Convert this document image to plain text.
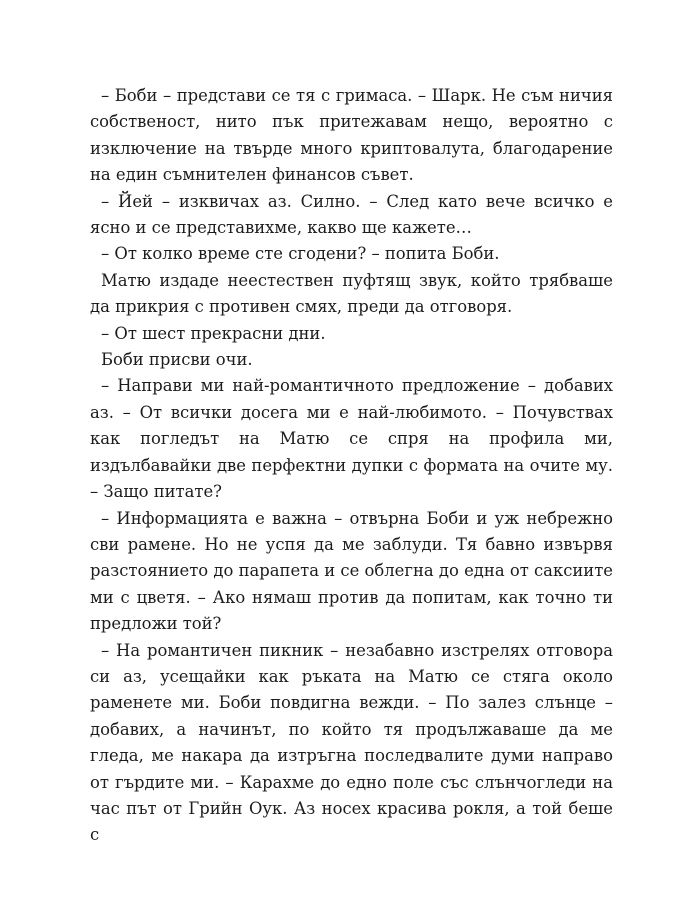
– Боби – представи се тя с гримаса. – Шарк. Не съм ничия собственост, нито пък притежавам нещо, вероятно с изключение на твърде много криптовалута, благодарение на един съмнителен финансов съвет.

– Йей – изквичах аз. Силно. – След като вече всичко е ясно и се представихме, какво ще кажете…

– От колко време сте сгодени? – попита Боби.

Матю издаде неестествен пуфтящ звук, който трябваше да прикрия с противен смях, преди да отговоря.

– От шест прекрасни дни.

Боби присви очи.

– Направи ми най-романтичното предложение – добавих аз. – От всички досега ми е най-любимото. – Почувствах как погледът на Матю се спря на профила ми, издълбавайки две перфектни дупки с формата на очите му. – Защо питате?

– Информацията е важна – отвърна Боби и уж небрежно сви рамене. Но не успя да ме заблуди. Тя бавно извървя разстоянието до парапета и се облегна до една от саксиите ми с цветя. – Ако нямаш против да попитам, как точно ти предложи той?

– На романтичен пикник – незабавно изстрелях отговора си аз, усещайки как ръката на Матю се стяга около раменете ми. Боби повдигна вежди. – По залез слънце – добавих, а начинът, по който тя продължаваше да ме гледа, ме накара да изтръгна последвалите думи направо от гърдите ми. – Карахме до едно поле със слънчогледи на час път от Грийн Оук. Аз носех красива рокля, а той беше с
